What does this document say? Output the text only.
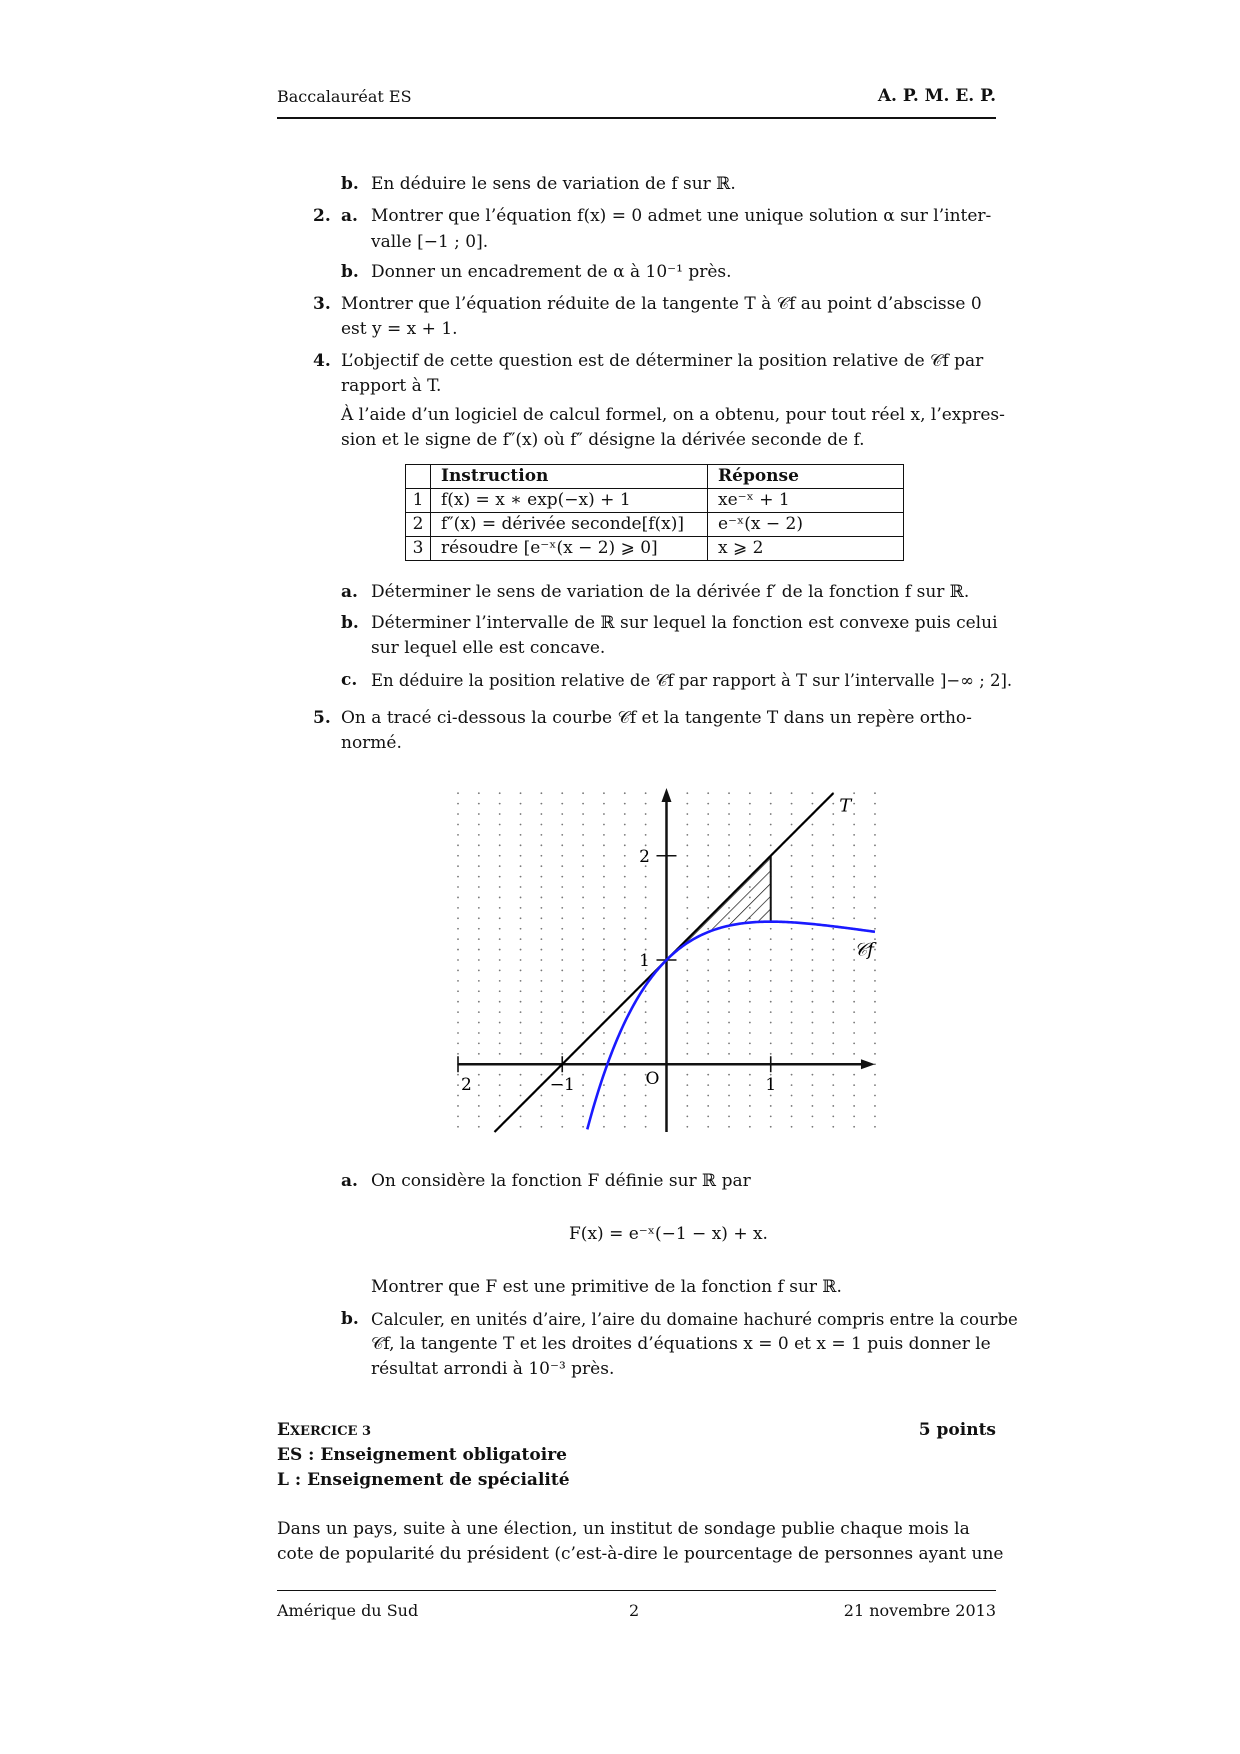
Baccalauréat ES	A. P. M. E. P.
b. En déduire le sens de variation de f sur ℝ.
2. a. Montrer que l’équation f(x) = 0 admet une unique solution α sur l’inter-
valle [−1 ; 0].
b. Donner un encadrement de α à 10⁻¹ près.
3. Montrer que l’équation réduite de la tangente T à 𝒞f au point d’abscisse 0
est y = x + 1.
4. L’objectif de cette question est de déterminer la position relative de 𝒞f par
rapport à T.
À l’aide d’un logiciel de calcul formel, on a obtenu, pour tout réel x, l’expres-
sion et le signe de f″(x) où f″ désigne la dérivée seconde de f.
	Instruction	Réponse
1	f(x) = x ∗ exp(−x) + 1	xe⁻ˣ + 1
2	f″(x) = dérivée seconde[f(x)]	e⁻ˣ(x − 2)
3	résoudre [e⁻ˣ(x − 2) ⩾ 0]	x ⩾ 2
a. Déterminer le sens de variation de la dérivée f′ de la fonction f sur ℝ.
b. Déterminer l’intervalle de ℝ sur lequel la fonction est convexe puis celui
sur lequel elle est concave.
c. En déduire la position relative de 𝒞f par rapport à T sur l’intervalle ]−∞ ; 2].
5. On a tracé ci-dessous la courbe 𝒞f et la tangente T dans un repère ortho-
normé.
2	−1	1
O
1
2
T
𝒞f
a. On considère la fonction F définie sur ℝ par
F(x) = e⁻ˣ(−1 − x) + x.
Montrer que F est une primitive de la fonction f sur ℝ.
b. Calculer, en unités d’aire, l’aire du domaine hachuré compris entre la courbe
𝒞f, la tangente T et les droites d’équations x = 0 et x = 1 puis donner le
résultat arrondi à 10⁻³ près.
EXERCICE 3	5 points
ES : Enseignement obligatoire
L : Enseignement de spécialité
Dans un pays, suite à une élection, un institut de sondage publie chaque mois la
cote de popularité du président (c’est-à-dire le pourcentage de personnes ayant une
Amérique du Sud	2	21 novembre 2013
